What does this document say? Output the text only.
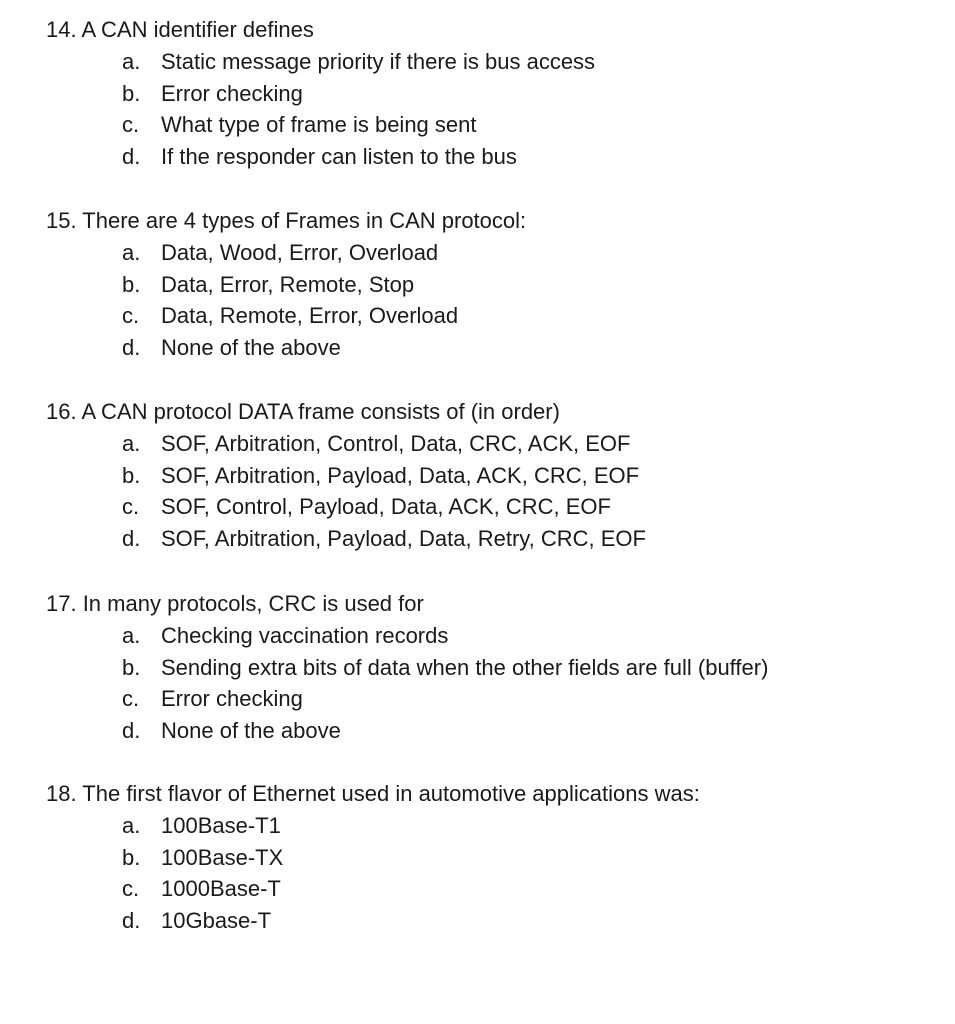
14. A CAN identifier defines
a. Static message priority if there is bus access
b. Error checking
c. What type of frame is being sent
d. If the responder can listen to the bus
15. There are 4 types of Frames in CAN protocol:
a. Data, Wood, Error, Overload
b. Data, Error, Remote, Stop
c. Data, Remote, Error, Overload
d. None of the above
16. A CAN protocol DATA frame consists of (in order)
a. SOF, Arbitration, Control, Data, CRC, ACK, EOF
b. SOF, Arbitration, Payload, Data, ACK, CRC, EOF
c. SOF, Control, Payload, Data, ACK, CRC, EOF
d. SOF, Arbitration, Payload, Data, Retry, CRC, EOF
17. In many protocols, CRC is used for
a. Checking vaccination records
b. Sending extra bits of data when the other fields are full (buffer)
c. Error checking
d. None of the above
18. The first flavor of Ethernet used in automotive applications was:
a. 100Base-T1
b. 100Base-TX
c. 1000Base-T
d. 10Gbase-T
